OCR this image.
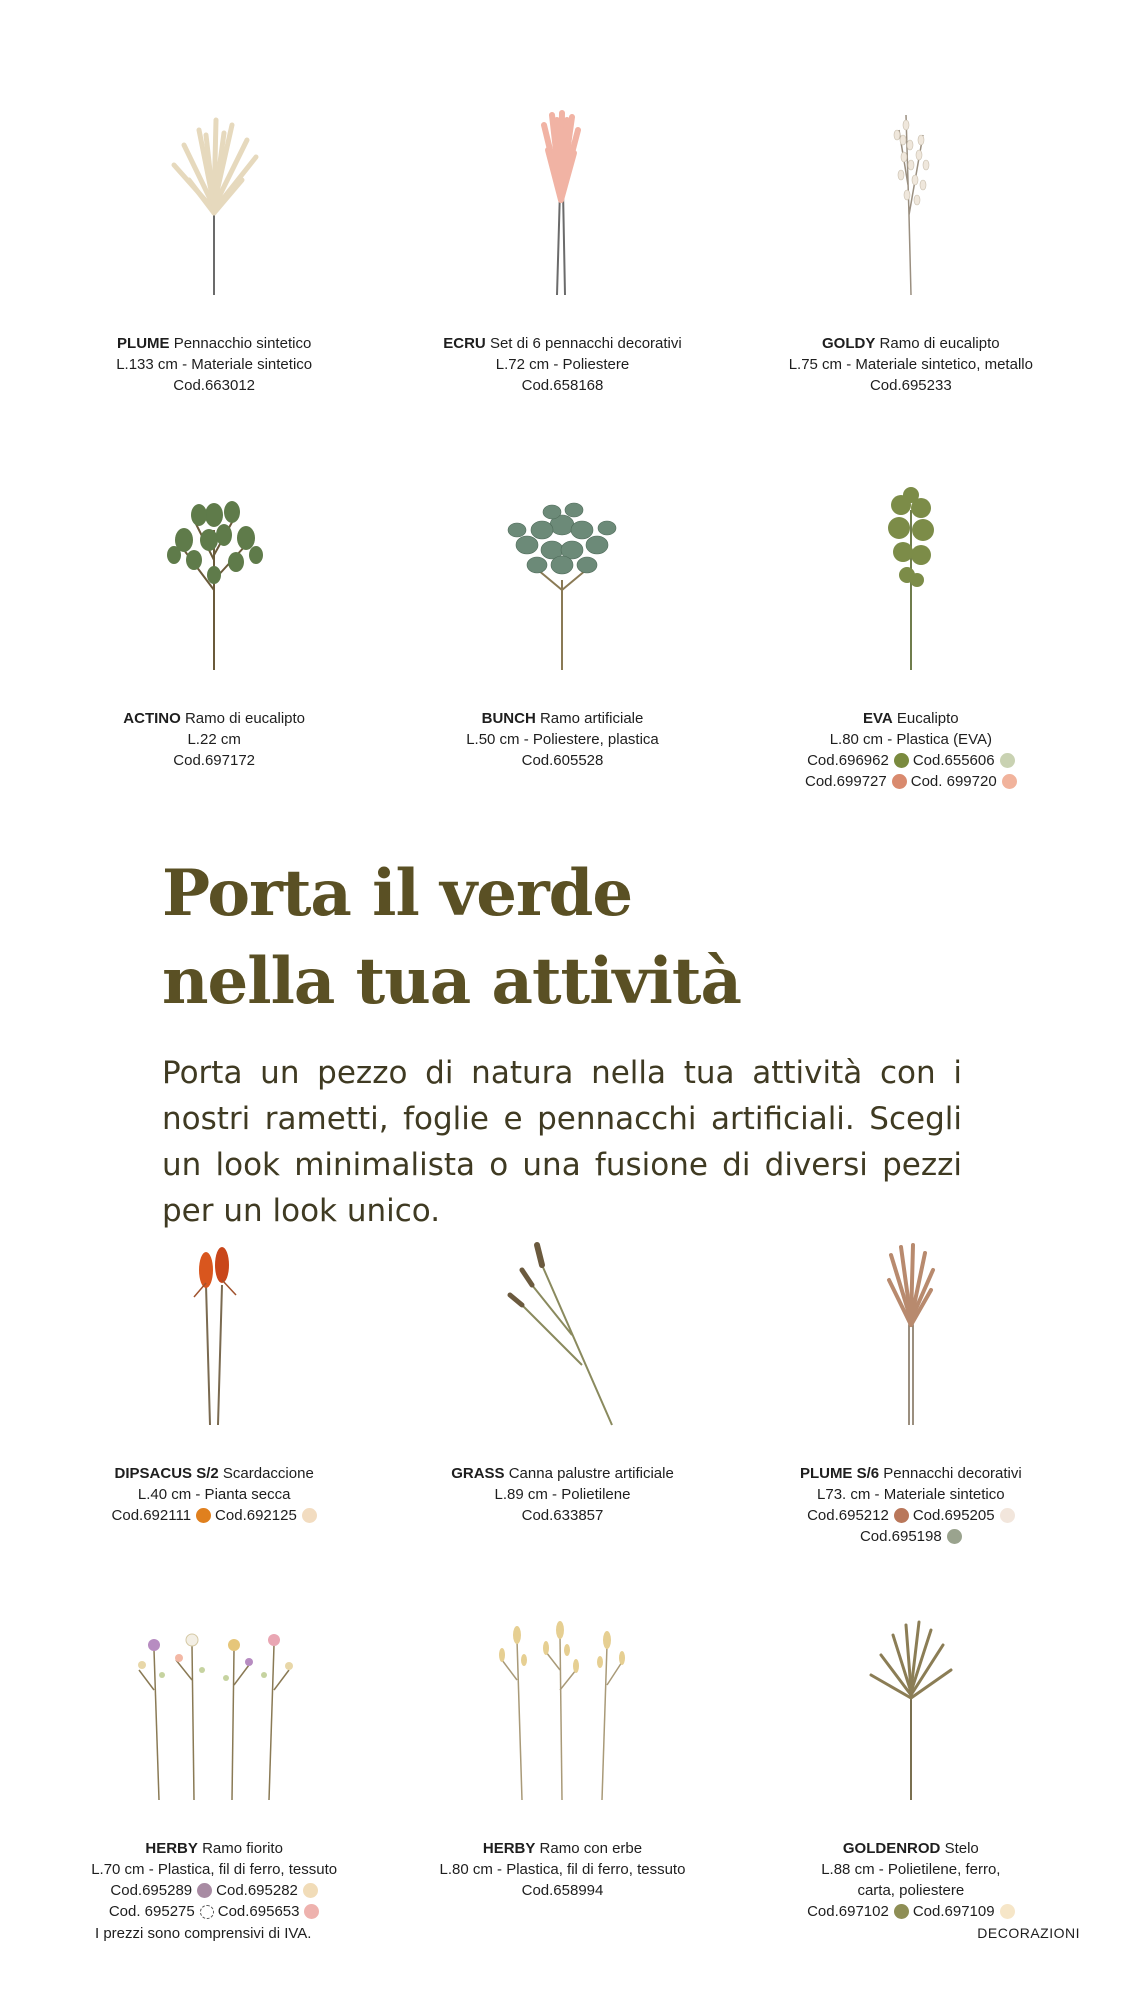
PLUME Pennacchio sintetico
L.133 cm - Materiale sintetico
Cod.663012
ECRU Set di 6 pennacchi decorativi
L.72 cm - Poliestere
Cod.658168
GOLDY Ramo di eucalipto
L.75 cm - Materiale sintetico, metallo
Cod.695233
ACTINO Ramo di eucalipto
L.22 cm
Cod.697172
BUNCH Ramo artificiale
L.50 cm - Poliestere, plastica
Cod.605528
EVA Eucalipto
L.80 cm - Plastica (EVA)
Cod.696962 Cod.655606
Cod.699727 Cod. 699720
Porta il verde
nella tua attività

Porta un pezzo di natura nella tua attività con i nostri rametti, foglie e pennacchi artificiali. Scegli un look minimalista o una fusione di diversi pezzi per un look unico.

DIPSACUS S/2 Scardaccione
L.40 cm - Pianta secca
Cod.692111 Cod.692125
GRASS Canna palustre artificiale
L.89 cm - Polietilene
Cod.633857
PLUME S/6 Pennacchi decorativi
L73. cm - Materiale sintetico
Cod.695212 Cod.695205
Cod.695198
HERBY Ramo fiorito
L.70 cm - Plastica, fil di ferro, tessuto
Cod.695289 Cod.695282
Cod. 695275 Cod.695653
HERBY Ramo con erbe
L.80 cm - Plastica, fil di ferro, tessuto
Cod.658994
GOLDENROD Stelo
L.88 cm - Polietilene, ferro,
carta, poliestere
Cod.697102 Cod.697109
I prezzi sono comprensivi di IVA.	DECORAZIONI
